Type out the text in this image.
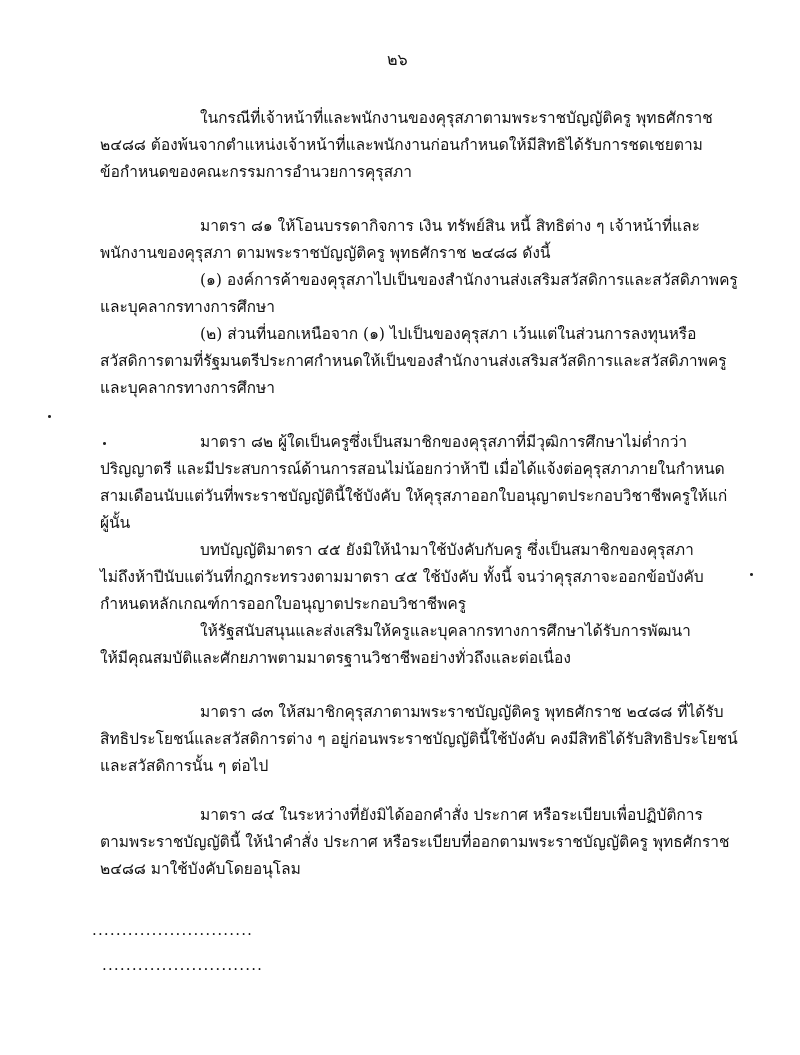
๒๖
ในกรณีที่เจ้าหน้าที่และพนักงานของคุรุสภาตามพระราชบัญญัติครู พุทธศักราช
๒๔๘๘ ต้องพ้นจากตำแหน่งเจ้าหน้าที่และพนักงานก่อนกำหนดให้มีสิทธิได้รับการชดเชยตาม
ข้อกำหนดของคณะกรรมการอำนวยการคุรุสภา
มาตรา ๘๑ ให้โอนบรรดากิจการ เงิน ทรัพย์สิน หนี้ สิทธิต่าง ๆ เจ้าหน้าที่และ
พนักงานของคุรุสภา ตามพระราชบัญญัติครู พุทธศักราช ๒๔๘๘ ดังนี้
(๑) องค์การค้าของคุรุสภาไปเป็นของสำนักงานส่งเสริมสวัสดิการและสวัสดิภาพครู
และบุคลากรทางการศึกษา
(๒) ส่วนที่นอกเหนือจาก (๑) ไปเป็นของคุรุสภา เว้นแต่ในส่วนการลงทุนหรือ
สวัสดิการตามที่รัฐมนตรีประกาศกำหนดให้เป็นของสำนักงานส่งเสริมสวัสดิการและสวัสดิภาพครู
และบุคลากรทางการศึกษา
มาตรา ๘๒ ผู้ใดเป็นครูซึ่งเป็นสมาชิกของคุรุสภาที่มีวุฒิการศึกษาไม่ต่ำกว่า
ปริญญาตรี และมีประสบการณ์ด้านการสอนไม่น้อยกว่าห้าปี เมื่อได้แจ้งต่อคุรุสภาภายในกำหนด
สามเดือนนับแต่วันที่พระราชบัญญัตินี้ใช้บังคับ ให้คุรุสภาออกใบอนุญาตประกอบวิชาชีพครูให้แก่
ผู้นั้น
บทบัญญัติมาตรา ๔๕ ยังมิให้นำมาใช้บังคับกับครู ซึ่งเป็นสมาชิกของคุรุสภา
ไม่ถึงห้าปีนับแต่วันที่กฎกระทรวงตามมาตรา ๔๕ ใช้บังคับ ทั้งนี้ จนว่าคุรุสภาจะออกข้อบังคับ
กำหนดหลักเกณฑ์การออกใบอนุญาตประกอบวิชาชีพครู
ให้รัฐสนับสนุนและส่งเสริมให้ครูและบุคลากรทางการศึกษาได้รับการพัฒนา
ให้มีคุณสมบัติและศักยภาพตามมาตรฐานวิชาชีพอย่างทั่วถึงและต่อเนื่อง
มาตรา ๘๓ ให้สมาชิกคุรุสภาตามพระราชบัญญัติครู พุทธศักราช ๒๔๘๘ ที่ได้รับ
สิทธิประโยชน์และสวัสดิการต่าง ๆ อยู่ก่อนพระราชบัญญัตินี้ใช้บังคับ คงมีสิทธิได้รับสิทธิประโยชน์
และสวัสดิการนั้น ๆ ต่อไป
มาตรา ๘๔ ในระหว่างที่ยังมิได้ออกคำสั่ง ประกาศ หรือระเบียบเพื่อปฏิบัติการ
ตามพระราชบัญญัตินี้ ให้นำคำสั่ง ประกาศ หรือระเบียบที่ออกตามพระราชบัญญัติครู พุทธศักราช
๒๔๘๘ มาใช้บังคับโดยอนุโลม
...........................
...........................
